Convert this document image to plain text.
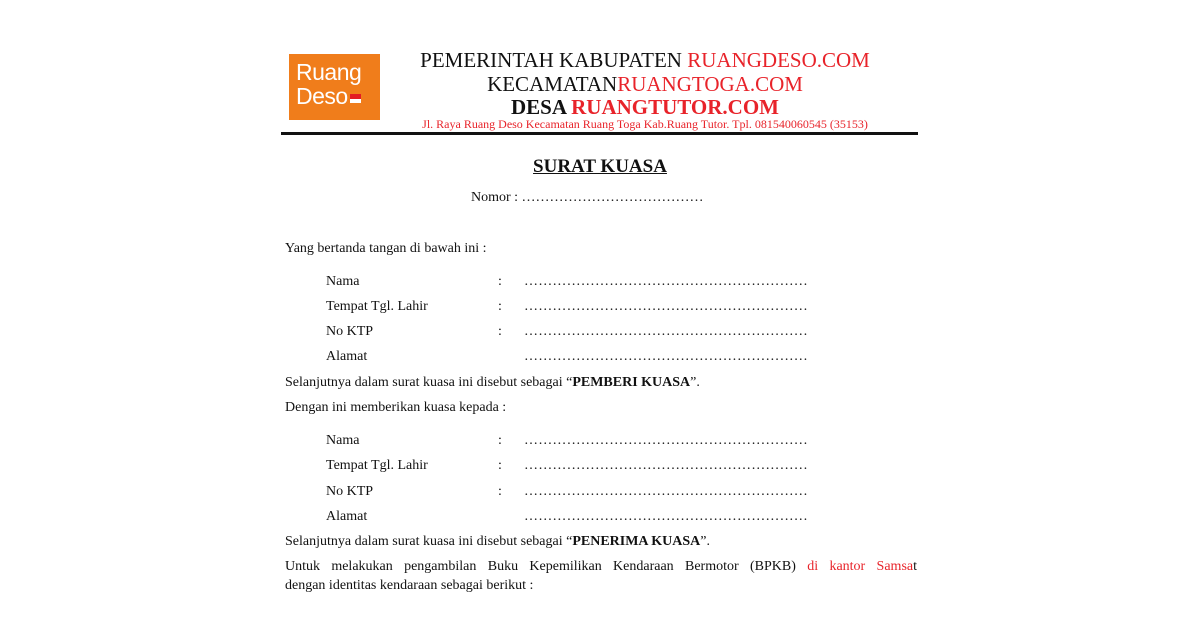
Ruang
Deso
PEMERINTAH KABUPATEN RUANGDESO.COM
KECAMATANRUANGTOGA.COM
DESA RUANGTUTOR.COM
Jl. Raya Ruang Deso Kecamatan Ruang Toga Kab.Ruang Tutor. Tpl. 081540060545 (35153)
SURAT KUASA
Nomor : …………………………………
Yang bertanda tangan di bawah ini :
Nama	: ……………………………………………………
Tempat Tgl. Lahir	: ……………………………………………………
No KTP	: ……………………………………………………
Alamat	……………………………………………………
Selanjutnya dalam surat kuasa ini disebut sebagai “PEMBERI KUASA”.
Dengan ini memberikan kuasa kepada :
Nama	: ……………………………………………………
Tempat Tgl. Lahir	: ……………………………………………………
No KTP	: ……………………………………………………
Alamat	……………………………………………………
Selanjutnya dalam surat kuasa ini disebut sebagai “PENERIMA KUASA”.
Untuk melakukan pengambilan Buku Kepemilikan Kendaraan Bermotor (BPKB) di kantor Samsat
dengan identitas kendaraan sebagai berikut :
